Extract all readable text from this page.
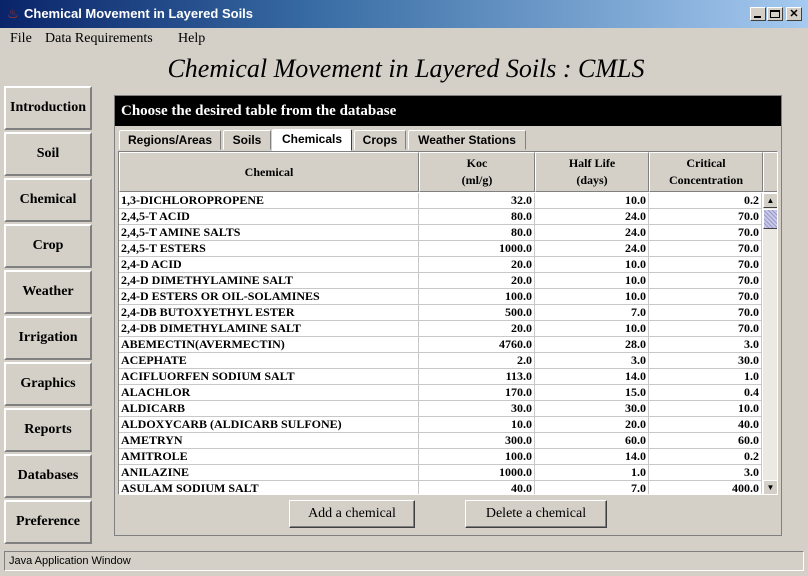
♨ Chemical Movement in Layered Soils	✕
File Data Requirements Help
Chemical Movement in Layered Soils : CMLS
Introduction
Soil
Chemical
Crop
Weather
Irrigation
Graphics
Reports
Databases
Preference
Choose the desired table from the database
Regions/Areas	Soils	Chemicals	Crops	Weather Stations
Chemical
Koc
(ml/g)
Half Life
(days)
Critical
Concentration
1,3-DICHLOROPROPENE	32.0	10.0	0.2
2,4,5-T ACID	80.0	24.0	70.0
2,4,5-T AMINE SALTS	80.0	24.0	70.0
2,4,5-T ESTERS	1000.0	24.0	70.0
2,4-D ACID	20.0	10.0	70.0
2,4-D DIMETHYLAMINE SALT	20.0	10.0	70.0
2,4-D ESTERS OR OIL-SOLAMINES	100.0	10.0	70.0
2,4-DB BUTOXYETHYL ESTER	500.0	7.0	70.0
2,4-DB DIMETHYLAMINE SALT	20.0	10.0	70.0
ABEMECTIN(AVERMECTIN)	4760.0	28.0	3.0
ACEPHATE	2.0	3.0	30.0
ACIFLUORFEN SODIUM SALT	113.0	14.0	1.0
ALACHLOR	170.0	15.0	0.4
ALDICARB	30.0	30.0	10.0
ALDOXYCARB (ALDICARB SULFONE)	10.0	20.0	40.0
AMETRYN	300.0	60.0	60.0
AMITROLE	100.0	14.0	0.2
ANILAZINE	1000.0	1.0	3.0
ASULAM SODIUM SALT	40.0	7.0	400.0
▲
▼
Add a chemical	Delete a chemical
Java Application Window
